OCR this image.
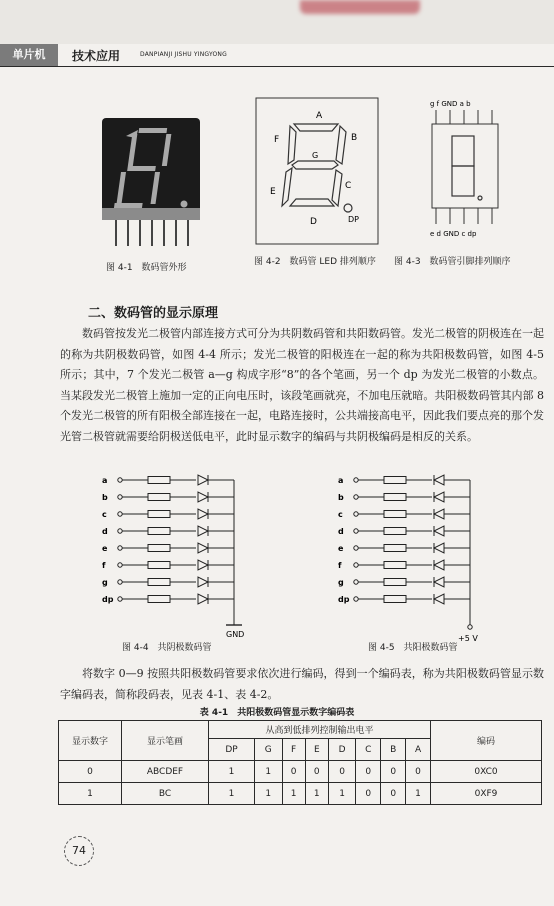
单片机	技术应用	DANPIANJI JISHU YINGYONG
图 4-1　数码管外形
A
B
C
D
E
F
G
DP
图 4-2　数码管 LED 排列顺序
g f GND a b
e d GND c dp
图 4-3　数码管引脚排列顺序
二、数码管的显示原理
数码管按发光二极管内部连接方式可分为共阴数码管和共阳数码管。发光二极管的阴极连在一起的称为共阴极数码管，如图 4-4 所示；发光二极管的阳极连在一起的称为共阳极数码管，如图 4-5 所示；其中，7 个发光二极管 a—g 构成字形“8”的各个笔画，另一个 dp 为发光二极管的小数点。当某段发光二极管上施加一定的正向电压时，该段笔画就亮，不加电压就暗。共阳极数码管其内部 8 个发光二极管的所有阳极全部连接在一起，电路连接时，公共端接高电平，因此我们要点亮的那个发光管二极管就需要给阴极送低电平，此时显示数字的编码与共阴极编码是相反的关系。
a
b
c
d
e
f
g
dp
GND
图 4-4　共阴极数码管
a
b
c
d
e
f
g
dp
+5 V
图 4-5　共阳极数码管
将数字 0—9 按照共阳极数码管要求依次进行编码，得到一个编码表，称为共阳极数码管显示数字编码表，简称段码表，见表 4-1、表 4-2。
表 4-1　共阳极数码管显示数字编码表
显示数字	显示笔画	从高到低排列控制输出电平								编码
		DP	G	F	E	D	C	B	A	
0	ABCDEF	1	1	0	0	0	0	0	0	0XC0
1	BC	1	1	1	1	1	0	0	1	0XF9
74
